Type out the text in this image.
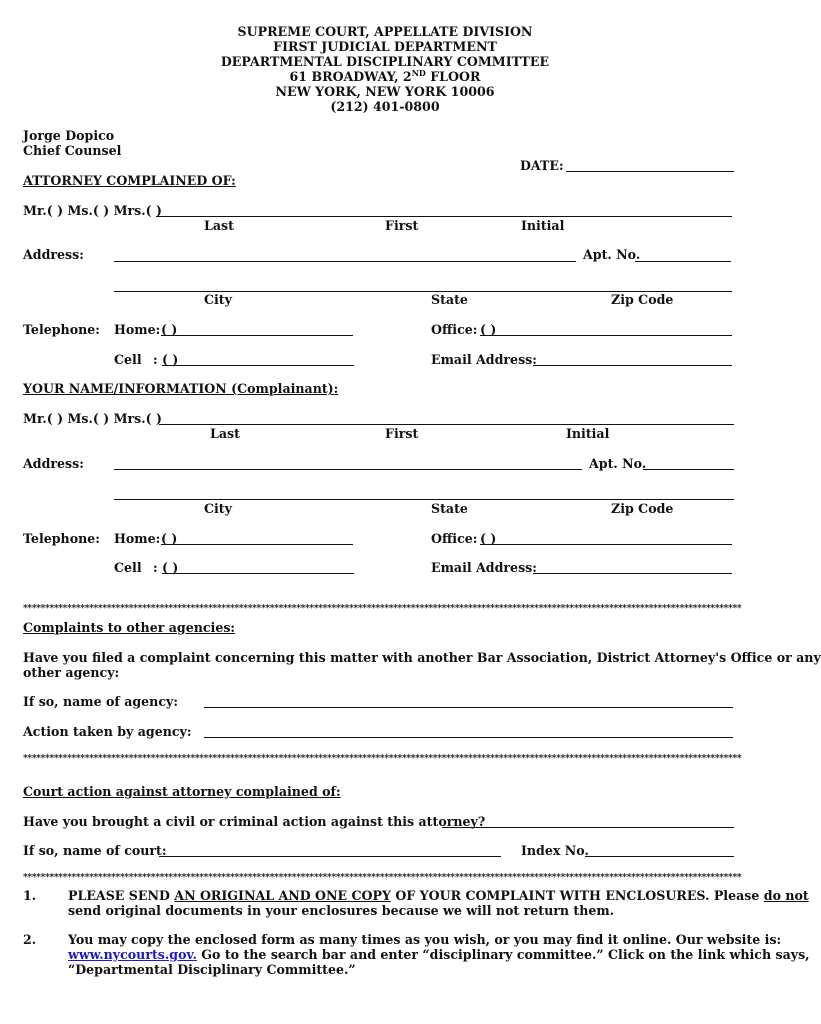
SUPREME COURT, APPELLATE DIVISION
FIRST JUDICIAL DEPARTMENT
DEPARTMENTAL DISCIPLINARY COMMITTEE
61 BROADWAY, 2ND FLOOR
NEW YORK, NEW YORK 10006
(212) 401-0800
Jorge Dopico
Chief Counsel
DATE:
ATTORNEY COMPLAINED OF:
Mr.( ) Ms.( ) Mrs.( )
Last	First	Initial
Address:	Apt. No.
City	State	Zip Code
Telephone: Home: ( )	Office: ( )
Cell : ( )	Email Address:
YOUR NAME/INFORMATION (Complainant):
Mr.( ) Ms.( ) Mrs.( )
Last	First	Initial
Address:	Apt. No.
City	State	Zip Code
Telephone: Home: ( )	Office: ( )
Cell : ( )	Email Address:
*******************************************************************************************************************************************************************
Complaints to other agencies:
Have you filed a complaint concerning this matter with another Bar Association, District Attorney's Office or any
other agency:
If so, name of agency:
Action taken by agency:
*******************************************************************************************************************************************************************
Court action against attorney complained of:
Have you brought a civil or criminal action against this attorney?
If so, name of court:	Index No.
*******************************************************************************************************************************************************************
1.	PLEASE SEND AN ORIGINAL AND ONE COPY OF YOUR COMPLAINT WITH ENCLOSURES. Please do not
send original documents in your enclosures because we will not return them.
2.	You may copy the enclosed form as many times as you wish, or you may find it online. Our website is:
www.nycourts.gov. Go to the search bar and enter “disciplinary committee.” Click on the link which says,
“Departmental Disciplinary Committee.”
